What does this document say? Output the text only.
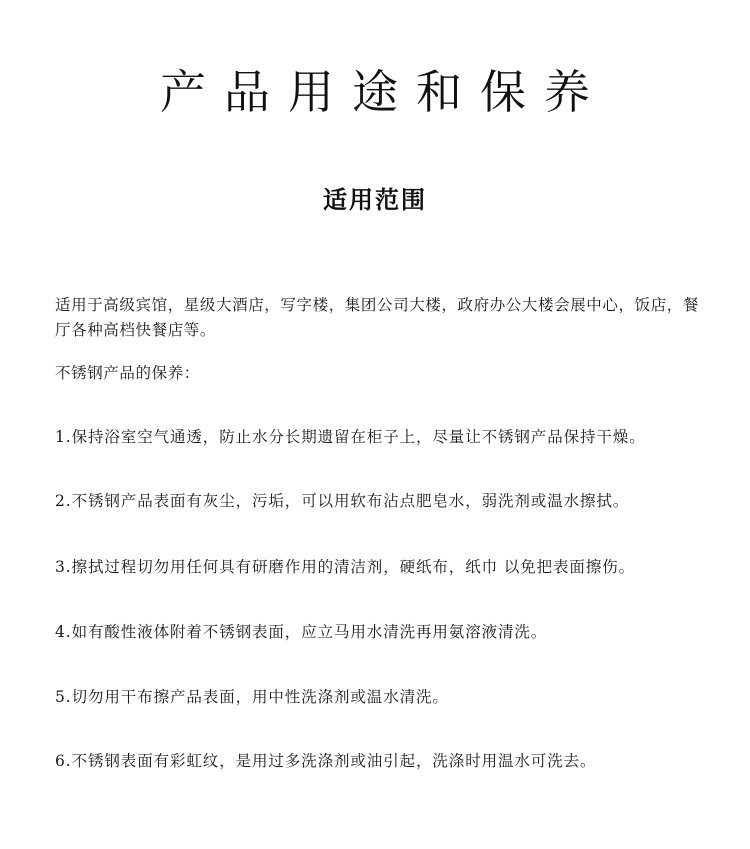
产品用途和保养
适用范围

适用于高级宾馆，星级大酒店，写字楼，集团公司大楼，政府办公大楼会展中心，饭店，餐厅各种高档快餐店等。

不锈钢产品的保养：

1.保持浴室空气通透，防止水分长期遗留在柜子上，尽量让不锈钢产品保持干燥。
2.不锈钢产品表面有灰尘，污垢，可以用软布沾点肥皂水，弱洗剂或温水擦拭。
3.擦拭过程切勿用任何具有研磨作用的清洁剂，硬纸布，纸巾 以免把表面擦伤。
4.如有酸性液体附着不锈钢表面，应立马用水清洗再用氨溶液清洗。
5.切勿用干布擦产品表面，用中性洗涤剂或温水清洗。
6.不锈钢表面有彩虹纹，是用过多洗涤剂或油引起，洗涤时用温水可洗去。
